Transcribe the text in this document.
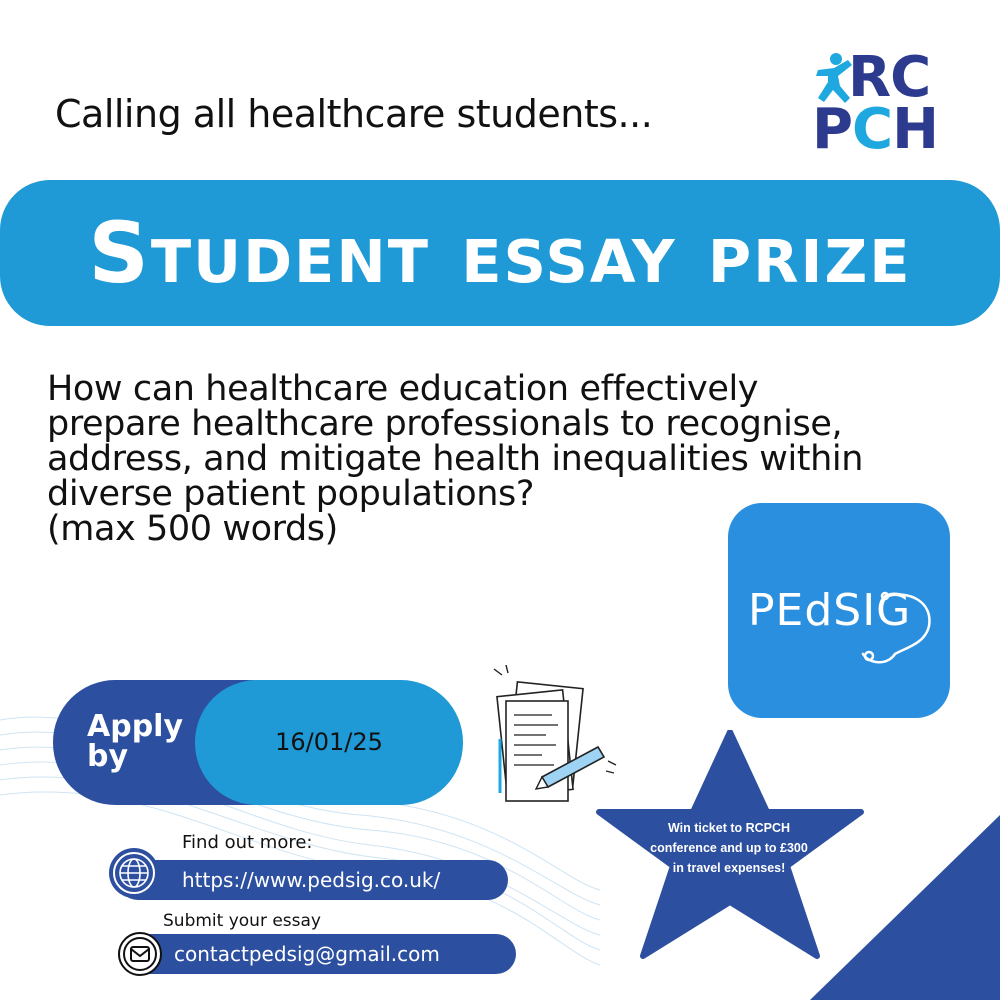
Calling all healthcare students...
RC
PCH
Student essay prize
How can healthcare education effectively
prepare healthcare professionals to recognise,
address, and mitigate health inequalities within
diverse patient populations?
(max 500 words)
PEdSIG
Apply by	16/01/25
Win ticket to RCPCH conference and up to £300 in travel expenses!
Find out more:
https://www.pedsig.co.uk/
Submit your essay
contactpedsig@gmail.com
